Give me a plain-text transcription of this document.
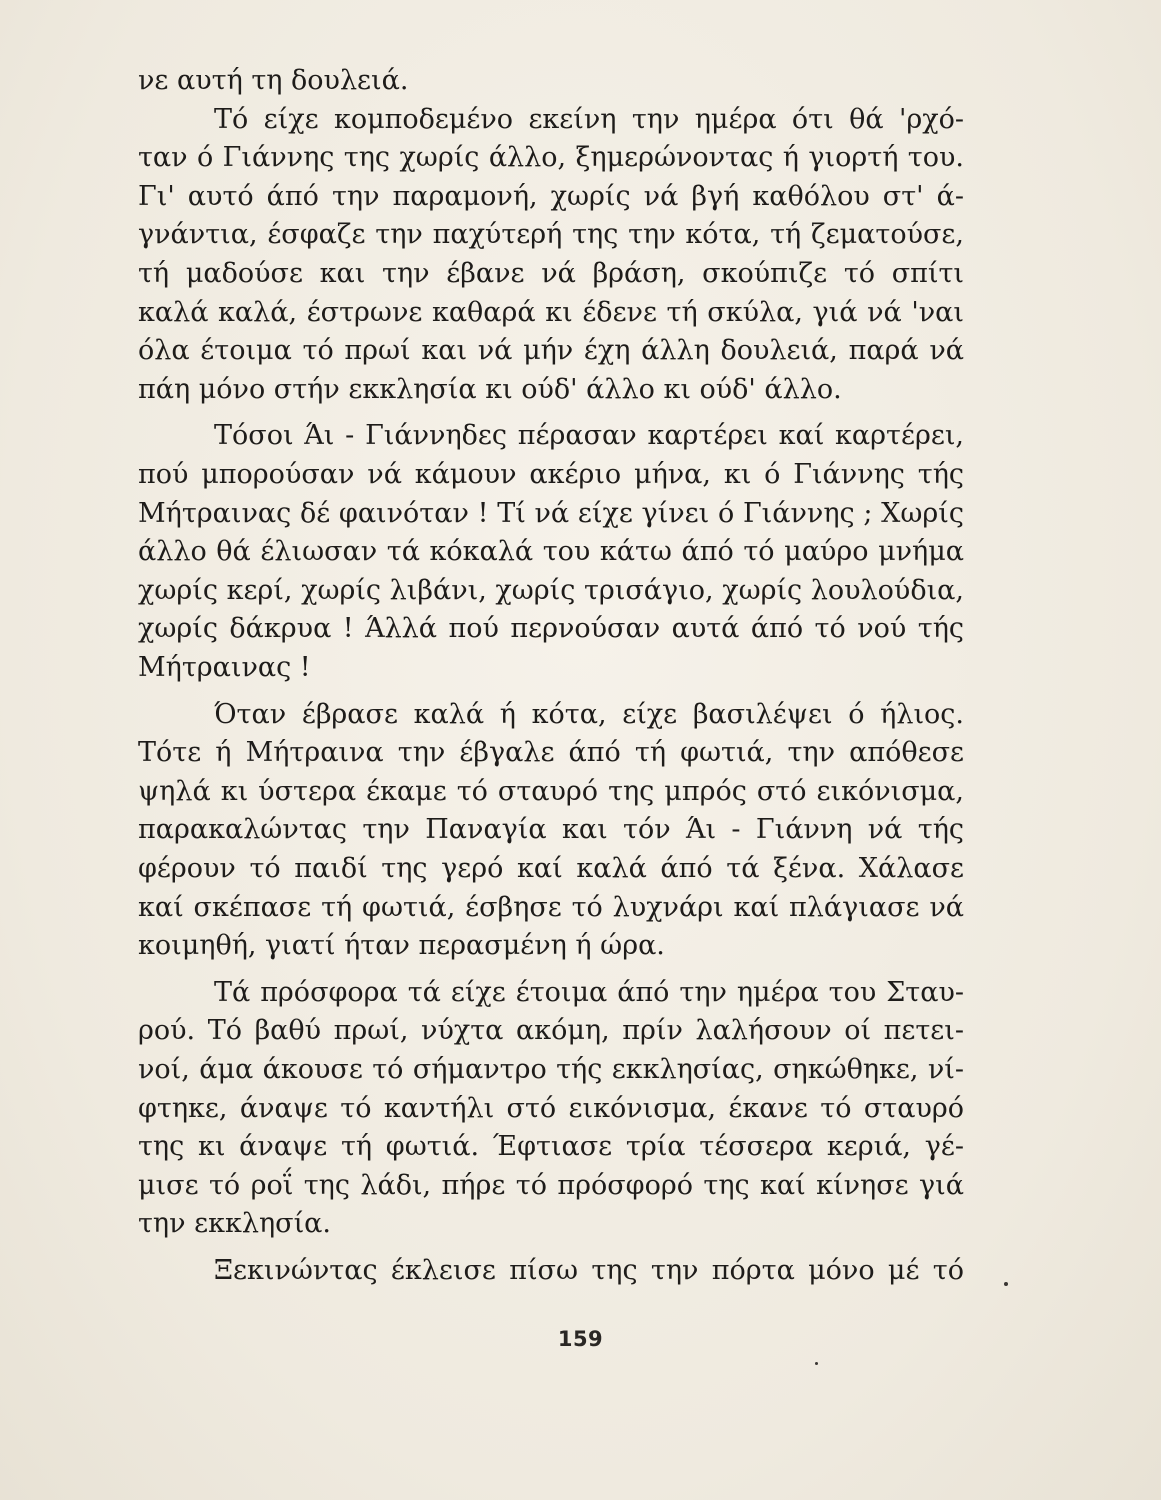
νε αυτή τη δουλειά.
Τό είχε κομποδεμένο εκείνη την ημέρα ότι θά 'ρχό-
ταν ό Γιάννης της χωρίς άλλο, ξημερώνοντας ή γιορτή του.
Γι' αυτό άπό την παραμονή, χωρίς νά βγή καθόλου στ' ά-
γνάντια, έσφαζε την παχύτερή της την κότα, τή ζεματούσε,
τή μαδούσε και την έβανε νά βράση, σκούπιζε τό σπίτι
καλά καλά, έστρωνε καθαρά κι έδενε τή σκύλα, γιά νά 'ναι
όλα έτοιμα τό πρωί και νά μήν έχη άλλη δουλειά, παρά νά
πάη μόνο στήν εκκλησία κι ούδ' άλλο κι ούδ' άλλο.
Τόσοι Άι - Γιάννηδες πέρασαν καρτέρει καί καρτέρει,
πού μπορούσαν νά κάμουν ακέριο μήνα, κι ό Γιάννης τής
Μήτραινας δέ φαινόταν ! Τί νά είχε γίνει ό Γιάννης ; Χωρίς
άλλο θά έλιωσαν τά κόκαλά του κάτω άπό τό μαύρο μνήμα
χωρίς κερί, χωρίς λιβάνι, χωρίς τρισάγιο, χωρίς λουλούδια,
χωρίς δάκρυα ! Άλλά πού περνούσαν αυτά άπό τό νού τής
Μήτραινας !
Όταν έβρασε καλά ή κότα, είχε βασιλέψει ό ήλιος.
Τότε ή Μήτραινα την έβγαλε άπό τή φωτιά, την απόθεσε
ψηλά κι ύστερα έκαμε τό σταυρό της μπρός στό εικόνισμα,
παρακαλώντας την Παναγία και τόν Άι - Γιάννη νά τής
φέρουν τό παιδί της γερό καί καλά άπό τά ξένα. Χάλασε
καί σκέπασε τή φωτιά, έσβησε τό λυχνάρι καί πλάγιασε νά
κοιμηθή, γιατί ήταν περασμένη ή ώρα.
Τά πρόσφορα τά είχε έτοιμα άπό την ημέρα του Σταυ-
ρού. Τό βαθύ πρωί, νύχτα ακόμη, πρίν λαλήσουν οί πετει-
νοί, άμα άκουσε τό σήμαντρο τής εκκλησίας, σηκώθηκε, νί-
φτηκε, άναψε τό καντήλι στό εικόνισμα, έκανε τό σταυρό
της κι άναψε τή φωτιά. Έφτιασε τρία τέσσερα κεριά, γέ-
μισε τό ροΐ της λάδι, πήρε τό πρόσφορό της καί κίνησε γιά
την εκκλησία.
Ξεκινώντας έκλεισε πίσω της την πόρτα μόνο μέ τό
159
